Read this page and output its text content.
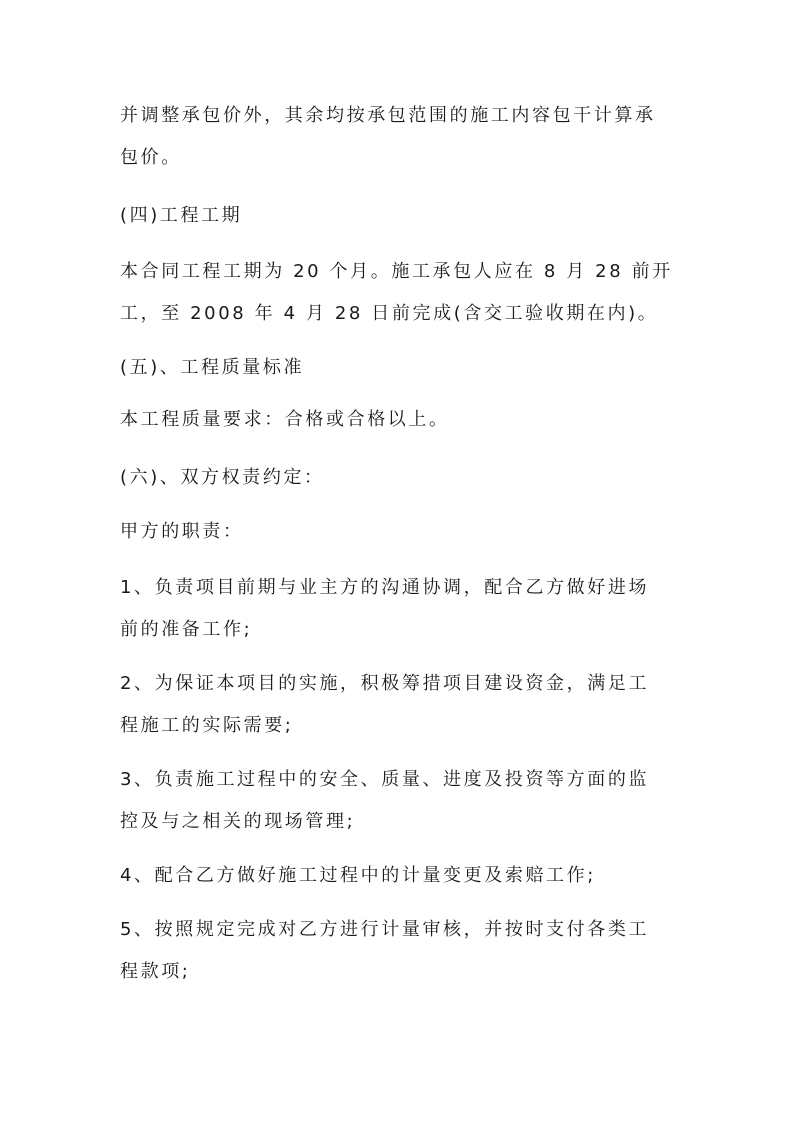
并调整承包价外，其余均按承包范围的施工内容包干计算承
包价。
(四)工程工期
本合同工程工期为 20 个月。施工承包人应在 8 月 28 前开
工，至 2008 年 4 月 28 日前完成(含交工验收期在内)。
(五)、工程质量标准
本工程质量要求：合格或合格以上。
(六)、双方权责约定：
甲方的职责：
1、负责项目前期与业主方的沟通协调，配合乙方做好进场
前的准备工作;
2、为保证本项目的实施，积极筹措项目建设资金，满足工
程施工的实际需要;
3、负责施工过程中的安全、质量、进度及投资等方面的监
控及与之相关的现场管理;
4、配合乙方做好施工过程中的计量变更及索赔工作;
5、按照规定完成对乙方进行计量审核，并按时支付各类工
程款项;
